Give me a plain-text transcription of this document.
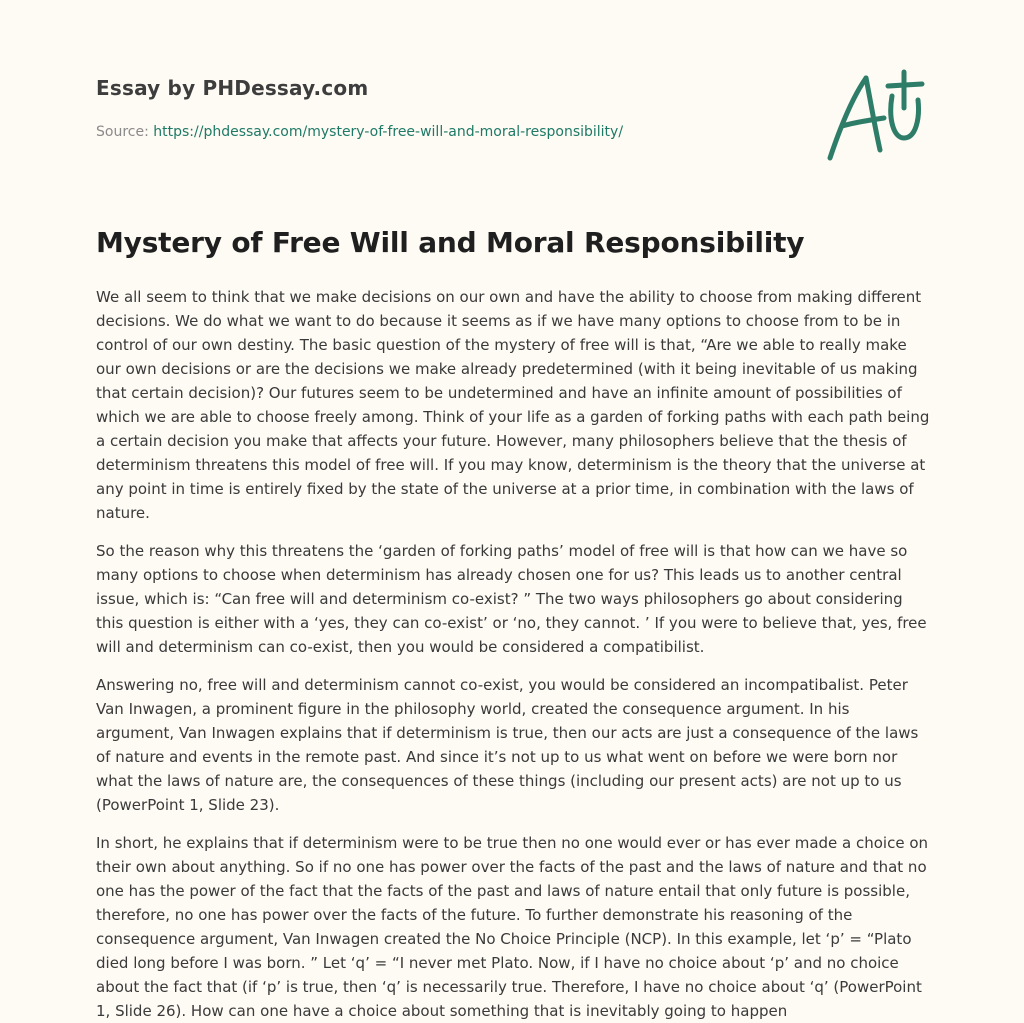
Essay by PHDessay.com
Source: https://phdessay.com/mystery-of-free-will-and-moral-responsibility/
Mystery of Free Will and Moral Responsibility

We all seem to think that we make decisions on our own and have the ability to choose from making different decisions. We do what we want to do because it seems as if we have many options to choose from to be in control of our own destiny. The basic question of the mystery of free will is that, “Are we able to really make our own decisions or are the decisions we make already predetermined (with it being inevitable of us making that certain decision)? Our futures seem to be undetermined and have an infinite amount of possibilities of which we are able to choose freely among. Think of your life as a garden of forking paths with each path being a certain decision you make that affects your future. However, many philosophers believe that the thesis of determinism threatens this model of free will. If you may know, determinism is the theory that the universe at any point in time is entirely fixed by the state of the universe at a prior time, in combination with the laws of nature.

So the reason why this threatens the ‘garden of forking paths’ model of free will is that how can we have so many options to choose when determinism has already chosen one for us? This leads us to another central issue, which is: “Can free will and determinism co-exist? ” The two ways philosophers go about considering this question is either with a ‘yes, they can co-exist’ or ‘no, they cannot. ’ If you were to believe that, yes, free will and determinism can co-exist, then you would be considered a compatibilist.

Answering no, free will and determinism cannot co-exist, you would be considered an incompatibalist. Peter Van Inwagen, a prominent figure in the philosophy world, created the consequence argument. In his argument, Van Inwagen explains that if determinism is true, then our acts are just a consequence of the laws of nature and events in the remote past. And since it’s not up to us what went on before we were born nor what the laws of nature are, the consequences of these things (including our present acts) are not up to us (PowerPoint 1, Slide 23).

In short, he explains that if determinism were to be true then no one would ever or has ever made a choice on their own about anything. So if no one has power over the facts of the past and the laws of nature and that no one has the power of the fact that the facts of the past and laws of nature entail that only future is possible, therefore, no one has power over the facts of the future. To further demonstrate his reasoning of the consequence argument, Van Inwagen created the No Choice Principle (NCP). In this example, let ‘p’ = “Plato died long before I was born. ” Let ‘q’ = “I never met Plato. Now, if I have no choice about ‘p’ and no choice about the fact that (if ‘p’ is true, then ‘q’ is necessarily true. Therefore, I have no choice about ‘q’ (PowerPoint 1, Slide 26). How can one have a choice about something that is inevitably going to happen
